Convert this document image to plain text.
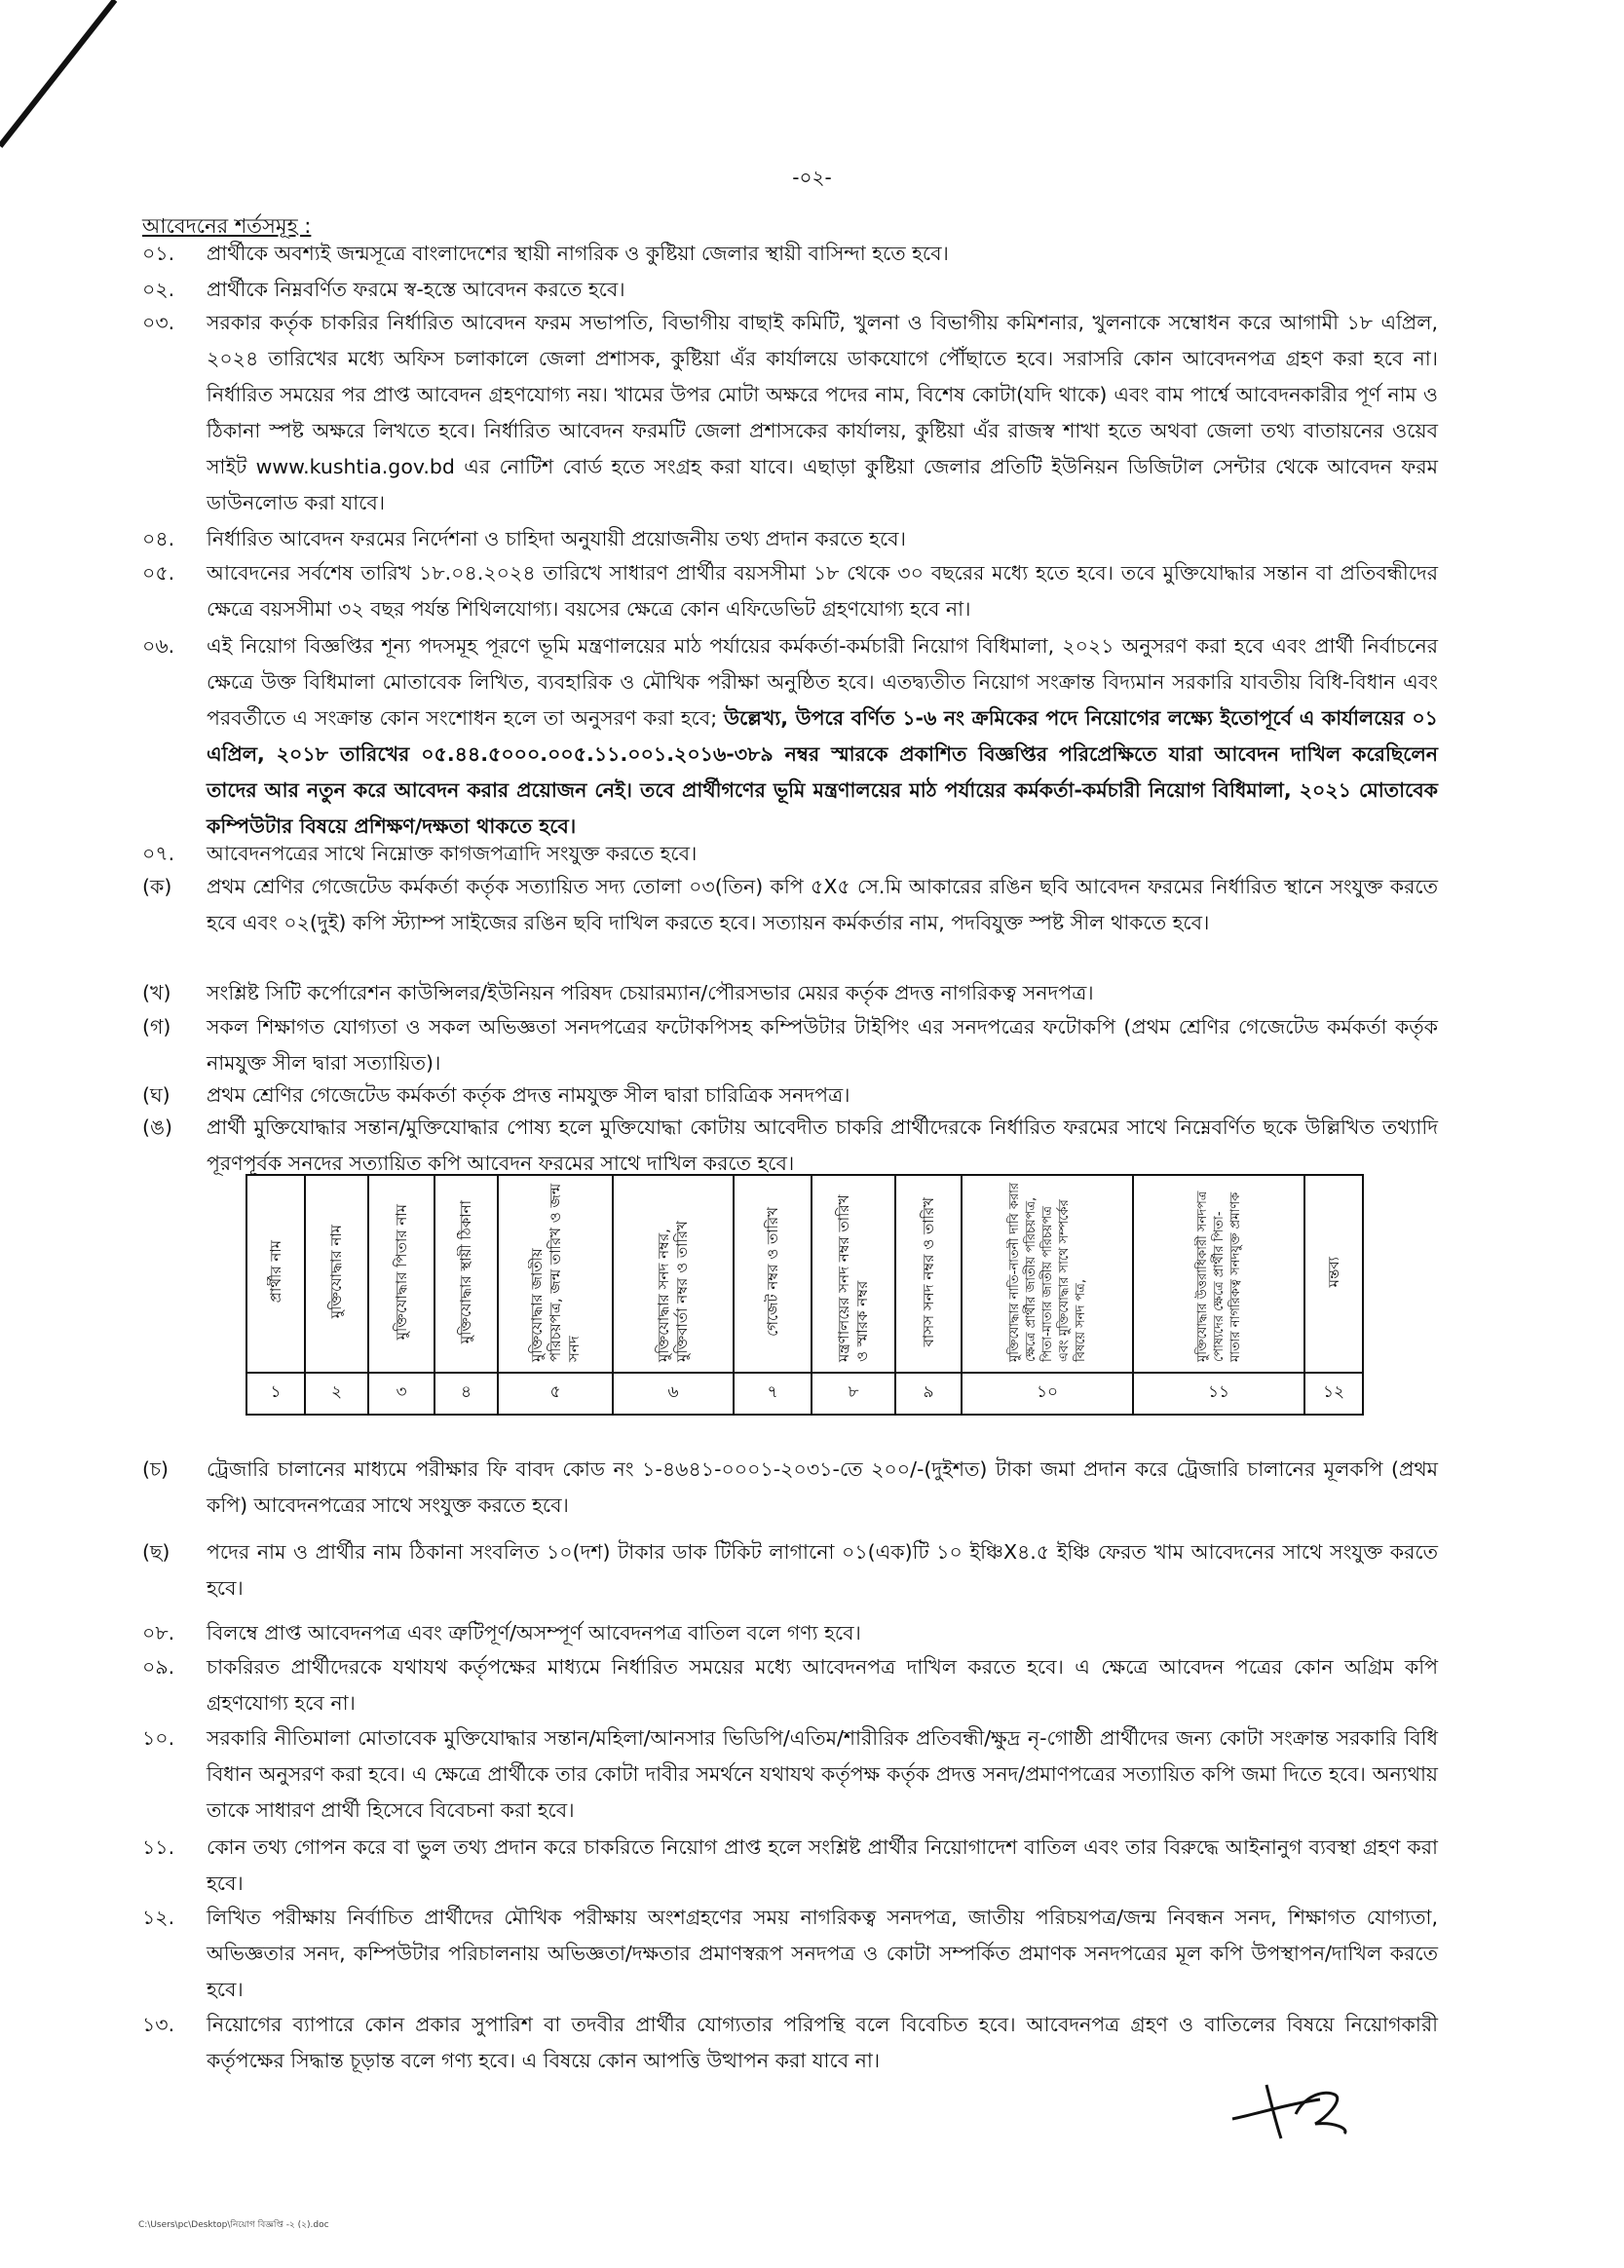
-০২-
আবেদনের শর্তসমূহ :
০১.	প্রার্থীকে অবশ্যই জন্মসূত্রে বাংলাদেশের স্থায়ী নাগরিক ও কুষ্টিয়া জেলার স্থায়ী বাসিন্দা হতে হবে।
০২.	প্রার্থীকে নিম্নবর্ণিত ফরমে স্ব-হস্তে আবেদন করতে হবে।
০৩.	সরকার কর্তৃক চাকরির নির্ধারিত আবেদন ফরম সভাপতি, বিভাগীয় বাছাই কমিটি, খুলনা ও বিভাগীয় কমিশনার, খুলনাকে সম্বোধন করে আগামী ১৮ এপ্রিল, ২০২৪ তারিখের মধ্যে অফিস চলাকালে জেলা প্রশাসক, কুষ্টিয়া এঁর কার্যালয়ে ডাকযোগে পৌঁছাতে হবে। সরাসরি কোন আবেদনপত্র গ্রহণ করা হবে না। নির্ধারিত সময়ের পর প্রাপ্ত আবেদন গ্রহণযোগ্য নয়। খামের উপর মোটা অক্ষরে পদের নাম, বিশেষ কোটা(যদি থাকে) এবং বাম পার্শ্বে আবেদনকারীর পূর্ণ নাম ও ঠিকানা স্পষ্ট অক্ষরে লিখতে হবে। নির্ধারিত আবেদন ফরমটি জেলা প্রশাসকের কার্যালয়, কুষ্টিয়া এঁর রাজস্ব শাখা হতে অথবা জেলা তথ্য বাতায়নের ওয়েব সাইট www.kushtia.gov.bd এর নোটিশ বোর্ড হতে সংগ্রহ করা যাবে। এছাড়া কুষ্টিয়া জেলার প্রতিটি ইউনিয়ন ডিজিটাল সেন্টার থেকে আবেদন ফরম ডাউনলোড করা যাবে।
০৪.	নির্ধারিত আবেদন ফরমের নির্দেশনা ও চাহিদা অনুযায়ী প্রয়োজনীয় তথ্য প্রদান করতে হবে।
০৫.	আবেদনের সর্বশেষ তারিখ ১৮.০৪.২০২৪ তারিখে সাধারণ প্রার্থীর বয়সসীমা ১৮ থেকে ৩০ বছরের মধ্যে হতে হবে। তবে মুক্তিযোদ্ধার সন্তান বা প্রতিবন্ধীদের ক্ষেত্রে বয়সসীমা ৩২ বছর পর্যন্ত শিথিলযোগ্য। বয়সের ক্ষেত্রে কোন এফিডেভিট গ্রহণযোগ্য হবে না।
০৬.	এই নিয়োগ বিজ্ঞপ্তির শূন্য পদসমূহ পূরণে ভূমি মন্ত্রণালয়ের মাঠ পর্যায়ের কর্মকর্তা-কর্মচারী নিয়োগ বিধিমালা, ২০২১ অনুসরণ করা হবে এবং প্রার্থী নির্বাচনের ক্ষেত্রে উক্ত বিধিমালা মোতাবেক লিখিত, ব্যবহারিক ও মৌখিক পরীক্ষা অনুষ্ঠিত হবে। এতদ্ব্যতীত নিয়োগ সংক্রান্ত বিদ্যমান সরকারি যাবতীয় বিধি-বিধান এবং পরবর্তীতে এ সংক্রান্ত কোন সংশোধন হলে তা অনুসরণ করা হবে; উল্লেখ্য, উপরে বর্ণিত ১-৬ নং ক্রমিকের পদে নিয়োগের লক্ষ্যে ইতোপূর্বে এ কার্যালয়ের ০১ এপ্রিল, ২০১৮ তারিখের ০৫.৪৪.৫০০০.০০৫.১১.০০১.২০১৬-৩৮৯ নম্বর স্মারকে প্রকাশিত বিজ্ঞপ্তির পরিপ্রেক্ষিতে যারা আবেদন দাখিল করেছিলেন তাদের আর নতুন করে আবেদন করার প্রয়োজন নেই। তবে প্রার্থীগণের ভূমি মন্ত্রণালয়ের মাঠ পর্যায়ের কর্মকর্তা-কর্মচারী নিয়োগ বিধিমালা, ২০২১ মোতাবেক কম্পিউটার বিষয়ে প্রশিক্ষণ/দক্ষতা থাকতে হবে।
০৭.	আবেদনপত্রের সাথে নিম্নোক্ত কাগজপত্রাদি সংযুক্ত করতে হবে।
(ক)	প্রথম শ্রেণির গেজেটেড কর্মকর্তা কর্তৃক সত্যায়িত সদ্য তোলা ০৩(তিন) কপি ৫X৫ সে.মি আকারের রঙিন ছবি আবেদন ফরমের নির্ধারিত স্থানে সংযুক্ত করতে হবে এবং ০২(দুই) কপি স্ট্যাম্প সাইজের রঙিন ছবি দাখিল করতে হবে। সত্যায়ন কর্মকর্তার নাম, পদবিযুক্ত স্পষ্ট সীল থাকতে হবে।
(খ)	সংশ্লিষ্ট সিটি কর্পোরেশন কাউন্সিলর/ইউনিয়ন পরিষদ চেয়ারম্যান/পৌরসভার মেয়র কর্তৃক প্রদত্ত নাগরিকত্ব সনদপত্র।
(গ)	সকল শিক্ষাগত যোগ্যতা ও সকল অভিজ্ঞতা সনদপত্রের ফটোকপিসহ কম্পিউটার টাইপিং এর সনদপত্রের ফটোকপি (প্রথম শ্রেণির গেজেটেড কর্মকর্তা কর্তৃক নামযুক্ত সীল দ্বারা সত্যায়িত)।
(ঘ)	প্রথম শ্রেণির গেজেটেড কর্মকর্তা কর্তৃক প্রদত্ত নামযুক্ত সীল দ্বারা চারিত্রিক সনদপত্র।
(ঙ)	প্রার্থী মুক্তিযোদ্ধার সন্তান/মুক্তিযোদ্ধার পোষ্য হলে মুক্তিযোদ্ধা কোটায় আবেদীত চাকরি প্রার্থীদেরকে নির্ধারিত ফরমের সাথে নিম্নেবর্ণিত ছকে উল্লিখিত তথ্যাদি পূরণপূর্বক সনদের সত্যায়িত কপি আবেদন ফরমের সাথে দাখিল করতে হবে।
প্রার্থীর নাম	মুক্তিযোদ্ধার নাম	মুক্তিযোদ্ধার পিতার নাম	মুক্তিযোদ্ধার স্থায়ী ঠিকানা	মুক্তিযোদ্ধার জাতীয় পরিচয়পত্র, জন্ম তারিখ ও জন্ম সনদ	মুক্তিযোদ্ধার সনদ নম্বর, মুক্তিবার্তা নম্বর ও তারিখ	গেজেট নম্বর ও তারিখ	মন্ত্রণালয়ের সনদ নম্বর তারিখ ও স্মারক নম্বর	বাসস সনদ নম্বর ও তারিখ	মুক্তিযোদ্ধার নাতি-নাতনী দাবি করার ক্ষেত্রে প্রার্থীর জাতীয় পরিচয়পত্র, পিতা-মাতার জাতীয় পরিচয়পত্র এবং মুক্তিযোদ্ধার সাথে সম্পর্কের বিষয়ে সনদ পত্র,	মুক্তিযোদ্ধার উত্তরাধিকারী সনদপত্র পোষ্যদের ক্ষেত্রে প্রার্থীর পিতা-মাতার নাগরিকত্ব সনদযুক্ত প্রমাণক	মন্তব্য
১	২	৩	৪	৫	৬	৭	৮	৯	১০	১১	১২
(চ)	ট্রেজারি চালানের মাধ্যমে পরীক্ষার ফি বাবদ কোড নং ১-৪৬৪১-০০০১-২০৩১-তে ২০০/-(দুইশত) টাকা জমা প্রদান করে ট্রেজারি চালানের মূলকপি (প্রথম কপি) আবেদনপত্রের সাথে সংযুক্ত করতে হবে।
(ছ)	পদের নাম ও প্রার্থীর নাম ঠিকানা সংবলিত ১০(দশ) টাকার ডাক টিকিট লাগানো ০১(এক)টি ১০ ইঞ্চিX৪.৫ ইঞ্চি ফেরত খাম আবেদনের সাথে সংযুক্ত করতে হবে।
০৮.	বিলম্বে প্রাপ্ত আবেদনপত্র এবং ত্রুটিপূর্ণ/অসম্পূর্ণ আবেদনপত্র বাতিল বলে গণ্য হবে।
০৯.	চাকরিরত প্রার্থীদেরকে যথাযথ কর্তৃপক্ষের মাধ্যমে নির্ধারিত সময়ের মধ্যে আবেদনপত্র দাখিল করতে হবে। এ ক্ষেত্রে আবেদন পত্রের কোন অগ্রিম কপি গ্রহণযোগ্য হবে না।
১০.	সরকারি নীতিমালা মোতাবেক মুক্তিযোদ্ধার সন্তান/মহিলা/আনসার ভিডিপি/এতিম/শারীরিক প্রতিবন্ধী/ক্ষুদ্র নৃ-গোষ্ঠী প্রার্থীদের জন্য কোটা সংক্রান্ত সরকারি বিধি বিধান অনুসরণ করা হবে। এ ক্ষেত্রে প্রার্থীকে তার কোটা দাবীর সমর্থনে যথাযথ কর্তৃপক্ষ কর্তৃক প্রদত্ত সনদ/প্রমাণপত্রের সত্যায়িত কপি জমা দিতে হবে। অন্যথায় তাকে সাধারণ প্রার্থী হিসেবে বিবেচনা করা হবে।
১১.	কোন তথ্য গোপন করে বা ভুল তথ্য প্রদান করে চাকরিতে নিয়োগ প্রাপ্ত হলে সংশ্লিষ্ট প্রার্থীর নিয়োগাদেশ বাতিল এবং তার বিরুদ্ধে আইনানুগ ব্যবস্থা গ্রহণ করা হবে।
১২.	লিখিত পরীক্ষায় নির্বাচিত প্রার্থীদের মৌখিক পরীক্ষায় অংশগ্রহণের সময় নাগরিকত্ব সনদপত্র, জাতীয় পরিচয়পত্র/জন্ম নিবন্ধন সনদ, শিক্ষাগত যোগ্যতা, অভিজ্ঞতার সনদ, কম্পিউটার পরিচালনায় অভিজ্ঞতা/দক্ষতার প্রমাণস্বরূপ সনদপত্র ও কোটা সম্পর্কিত প্রমাণক সনদপত্রের মূল কপি উপস্থাপন/দাখিল করতে হবে।
১৩.	নিয়োগের ব্যাপারে কোন প্রকার সুপারিশ বা তদবীর প্রার্থীর যোগ্যতার পরিপন্থি বলে বিবেচিত হবে। আবেদনপত্র গ্রহণ ও বাতিলের বিষয়ে নিয়োগকারী কর্তৃপক্ষের সিদ্ধান্ত চূড়ান্ত বলে গণ্য হবে। এ বিষয়ে কোন আপত্তি উত্থাপন করা যাবে না।
C:\Users\pc\Desktop\নিয়োগ বিজ্ঞপ্তি -২ (২).doc
